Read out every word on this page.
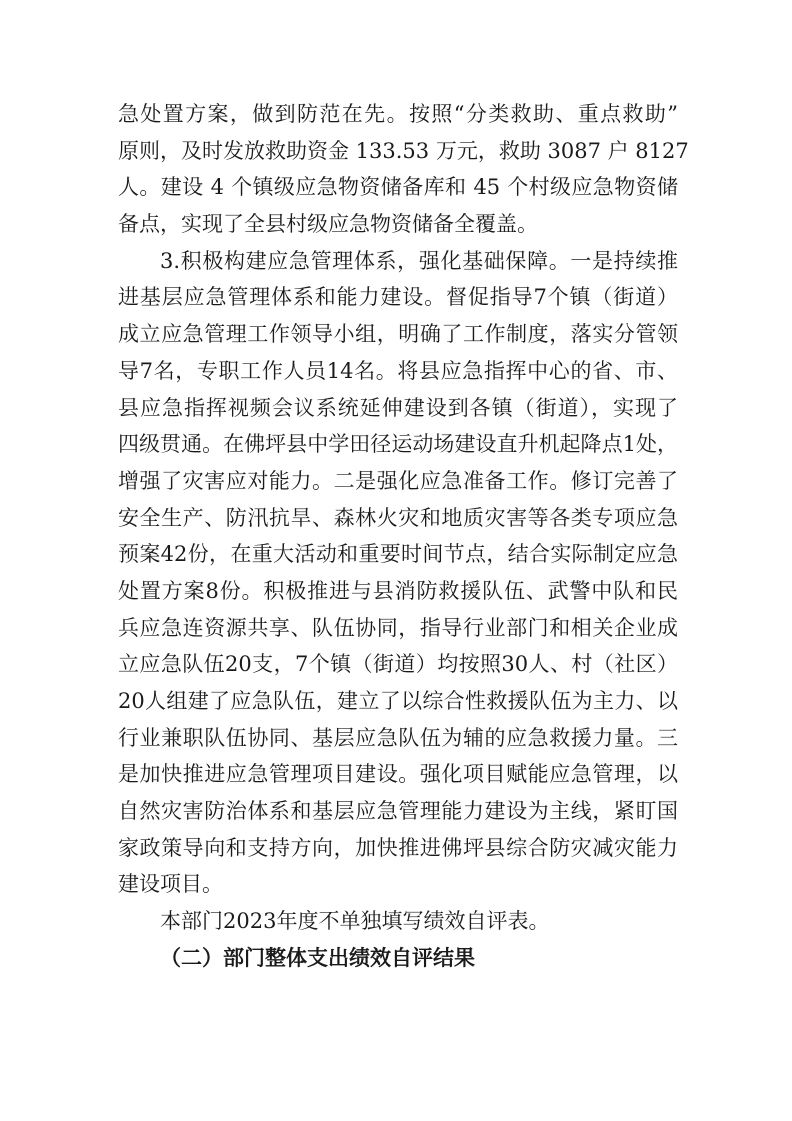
急处置方案，做到防范在先。按照“分类救助、重点救助”
原则，及时发放救助资金 133.53 万元，救助 3087 户 8127
人。建设 4 个镇级应急物资储备库和 45 个村级应急物资储
备点，实现了全县村级应急物资储备全覆盖。
3.积极构建应急管理体系，强化基础保障。一是持续推
进基层应急管理体系和能力建设。督促指导7个镇（街道）
成立应急管理工作领导小组，明确了工作制度，落实分管领
导7名，专职工作人员14名。将县应急指挥中心的省、市、
县应急指挥视频会议系统延伸建设到各镇（街道），实现了
四级贯通。在佛坪县中学田径运动场建设直升机起降点1处，
增强了灾害应对能力。二是强化应急准备工作。修订完善了
安全生产、防汛抗旱、森林火灾和地质灾害等各类专项应急
预案42份，在重大活动和重要时间节点，结合实际制定应急
处置方案8份。积极推进与县消防救援队伍、武警中队和民
兵应急连资源共享、队伍协同，指导行业部门和相关企业成
立应急队伍20支，7个镇（街道）均按照30人、村（社区）
20人组建了应急队伍，建立了以综合性救援队伍为主力、以
行业兼职队伍协同、基层应急队伍为辅的应急救援力量。三
是加快推进应急管理项目建设。强化项目赋能应急管理，以
自然灾害防治体系和基层应急管理能力建设为主线，紧盯国
家政策导向和支持方向，加快推进佛坪县综合防灾减灾能力
建设项目。
本部门2023年度不单独填写绩效自评表。
（二）部门整体支出绩效自评结果
